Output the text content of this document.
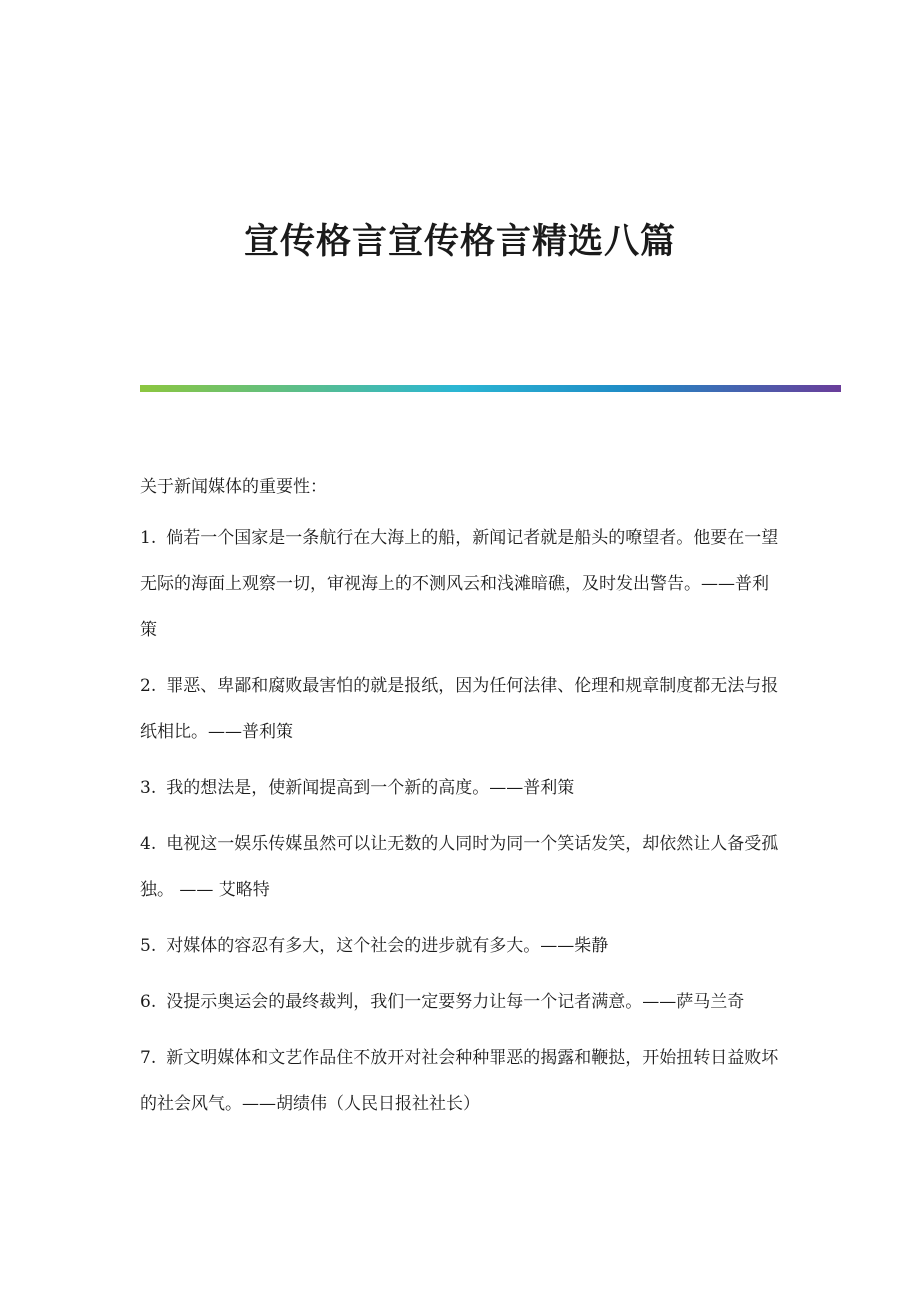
宣传格言宣传格言精选八篇

关于新闻媒体的重要性：

1. 倘若一个国家是一条航行在大海上的船，新闻记者就是船头的嘹望者。他要在一望无际的海面上观察一切，审视海上的不测风云和浅滩暗礁，及时发出警告。——普利策

2. 罪恶、卑鄙和腐败最害怕的就是报纸，因为任何法律、伦理和规章制度都无法与报纸相比。——普利策

3. 我的想法是，使新闻提高到一个新的高度。——普利策

4. 电视这一娱乐传媒虽然可以让无数的人同时为同一个笑话发笑，却依然让人备受孤独。 —— 艾略特

5. 对媒体的容忍有多大，这个社会的进步就有多大。——柴静

6. 没提示奥运会的最终裁判，我们一定要努力让每一个记者满意。——萨马兰奇

7. 新文明媒体和文艺作品住不放开对社会种种罪恶的揭露和鞭挞，开始扭转日益败坏的社会风气。——胡绩伟（人民日报社社长）
